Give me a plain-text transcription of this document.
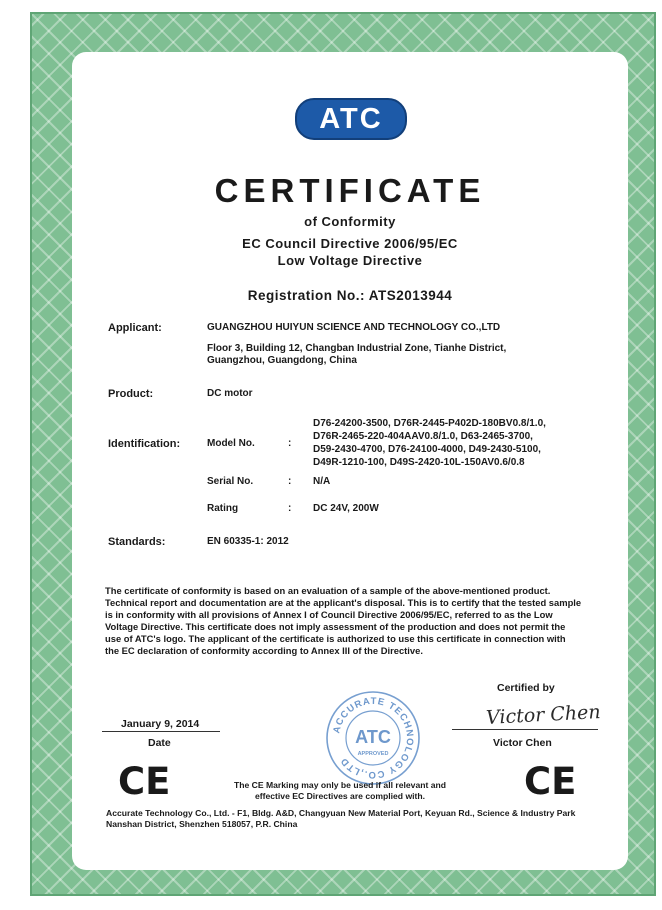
ATC
CERTIFICATE
of Conformity
EC Council Directive 2006/95/EC
Low Voltage Directive
Registration No.: ATS2013944
Applicant:	GUANGZHOU HUIYUN SCIENCE AND TECHNOLOGY CO.,LTD
Floor 3, Building 12, Changban Industrial Zone, Tianhe District,
Guangzhou, Guangdong, China
Product:	DC motor
Identification:	Model No.	:
D76-24200-3500, D76R-2445-P402D-180BV0.8/1.0,
D76R-2465-220-404AAV0.8/1.0, D63-2465-3700,
D59-2430-4700, D76-24100-4000, D49-2430-5100,
D49R-1210-100, D49S-2420-10L-150AV0.6/0.8
Serial No.	: N/A
Rating	: DC 24V, 200W
Standards:	EN 60335-1: 2012
The certificate of conformity is based on an evaluation of a sample of the above-mentioned product.
Technical report and documentation are at the applicant's disposal. This is to certify that the tested sample
is in conformity with all provisions of Annex I of Council Directive 2006/95/EC, referred to as the Low
Voltage Directive. This certificate does not imply assessment of the production and does not permit the
use of ATC's logo. The applicant of the certificate is authorized to use this certificate in connection with
the EC declaration of conformity according to Annex III of the Directive.
January 9, 2014
Date
ACCURATE TECHNOLOGY CO.,LTD
ATC
APPROVED
Certified by
Victor Chen
Victor Chen
CE	CE
The CE Marking may only be used if all relevant and
effective EC Directives are complied with.
Accurate Technology Co., Ltd. - F1, Bldg. A&D, Changyuan New Material Port, Keyuan Rd., Science & Industry Park
Nanshan District, Shenzhen 518057, P.R. China
